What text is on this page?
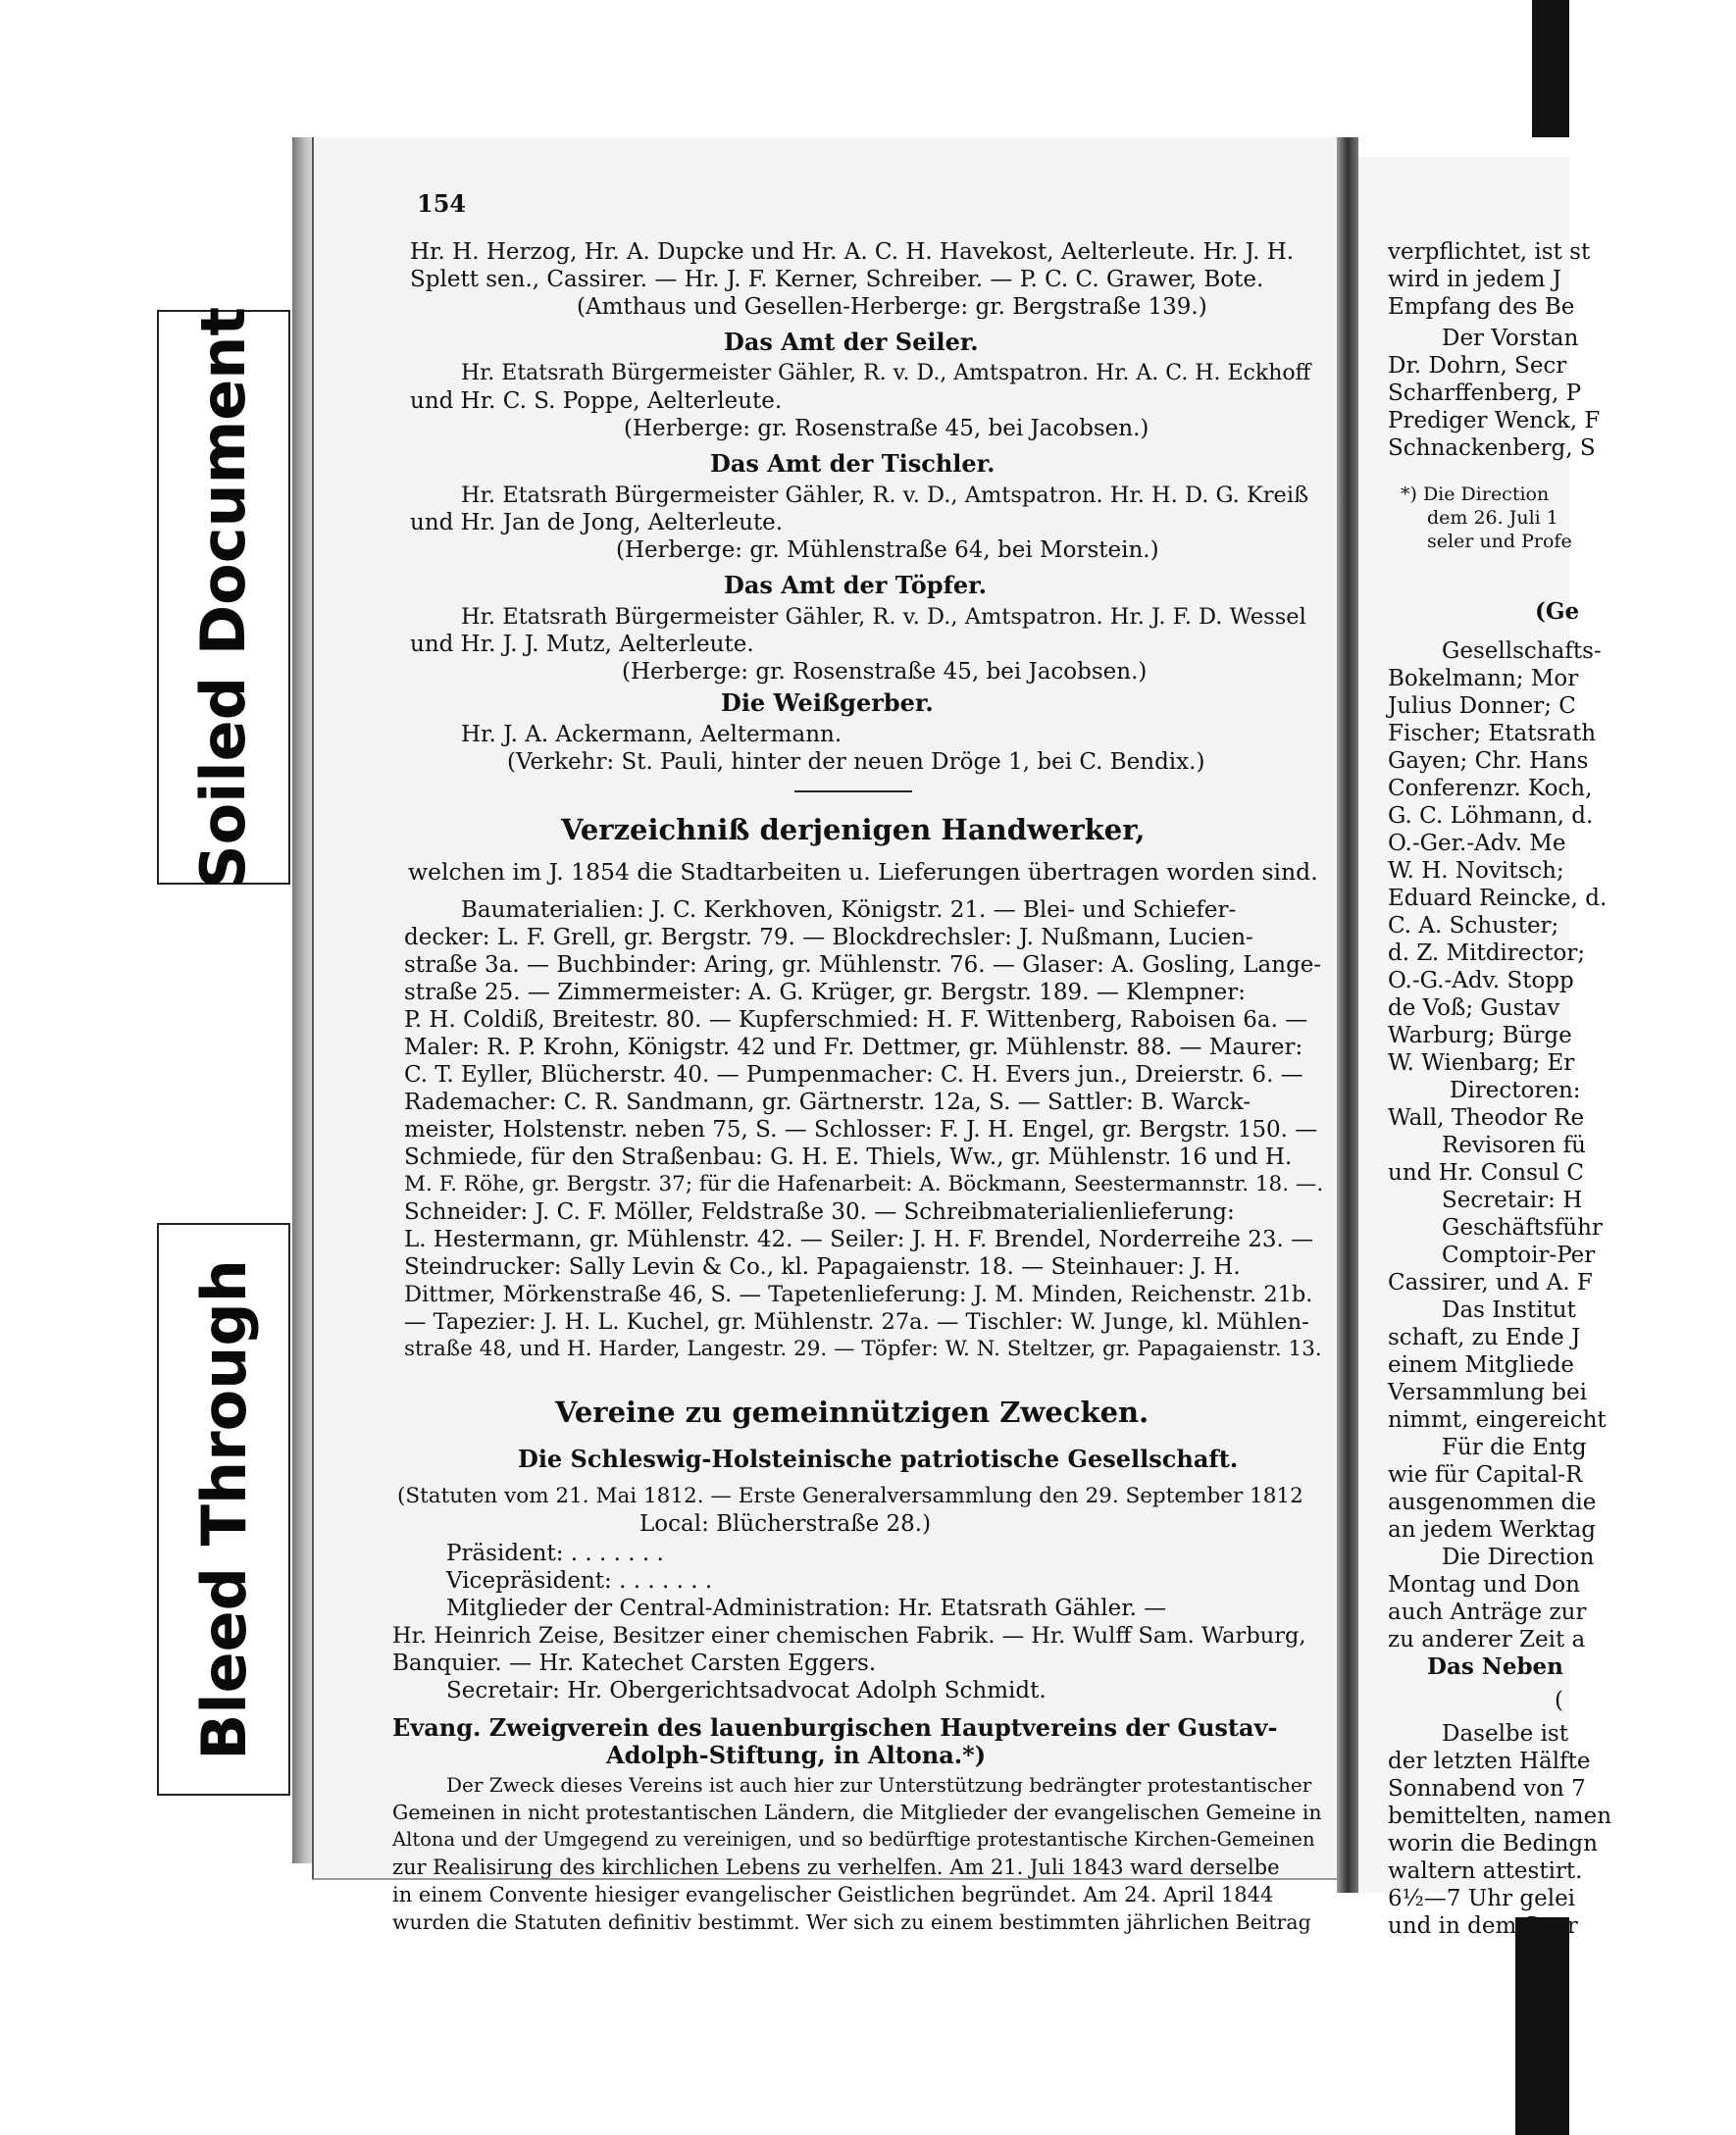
Soiled Document
Bleed Through
154
Hr. H. Herzog, Hr. A. Dupcke und Hr. A. C. H. Havekost, Aelterleute. Hr. J. H.
Splett sen., Cassirer. — Hr. J. F. Kerner, Schreiber. — P. C. C. Grawer, Bote.
(Amthaus und Gesellen-Herberge: gr. Bergstraße 139.)
Das Amt der Seiler.
Hr. Etatsrath Bürgermeister Gähler, R. v. D., Amtspatron. Hr. A. C. H. Eckhoff
und Hr. C. S. Poppe, Aelterleute.
(Herberge: gr. Rosenstraße 45, bei Jacobsen.)
Das Amt der Tischler.
Hr. Etatsrath Bürgermeister Gähler, R. v. D., Amtspatron. Hr. H. D. G. Kreiß
und Hr. Jan de Jong, Aelterleute.
(Herberge: gr. Mühlenstraße 64, bei Morstein.)
Das Amt der Töpfer.
Hr. Etatsrath Bürgermeister Gähler, R. v. D., Amtspatron. Hr. J. F. D. Wessel
und Hr. J. J. Mutz, Aelterleute.
(Herberge: gr. Rosenstraße 45, bei Jacobsen.)
Die Weißgerber.
Hr. J. A. Ackermann, Aeltermann.
(Verkehr: St. Pauli, hinter der neuen Dröge 1, bei C. Bendix.)
Verzeichniß derjenigen Handwerker,
welchen im J. 1854 die Stadtarbeiten u. Lieferungen übertragen worden sind.
Baumaterialien: J. C. Kerkhoven, Königstr. 21. — Blei- und Schiefer-
decker: L. F. Grell, gr. Bergstr. 79. — Blockdrechsler: J. Nußmann, Lucien-
straße 3a. — Buchbinder: Aring, gr. Mühlenstr. 76. — Glaser: A. Gosling, Lange-
straße 25. — Zimmermeister: A. G. Krüger, gr. Bergstr. 189. — Klempner:
P. H. Coldiß, Breitestr. 80. — Kupferschmied: H. F. Wittenberg, Raboisen 6a. —
Maler: R. P. Krohn, Königstr. 42 und Fr. Dettmer, gr. Mühlenstr. 88. — Maurer:
C. T. Eyller, Blücherstr. 40. — Pumpenmacher: C. H. Evers jun., Dreierstr. 6. —
Rademacher: C. R. Sandmann, gr. Gärtnerstr. 12a, S. — Sattler: B. Warck-
meister, Holstenstr. neben 75, S. — Schlosser: F. J. H. Engel, gr. Bergstr. 150. —
Schmiede, für den Straßenbau: G. H. E. Thiels, Ww., gr. Mühlenstr. 16 und H.
M. F. Röhe, gr. Bergstr. 37; für die Hafenarbeit: A. Böckmann, Seestermannstr. 18. —.
Schneider: J. C. F. Möller, Feldstraße 30. — Schreibmaterialienlieferung:
L. Hestermann, gr. Mühlenstr. 42. — Seiler: J. H. F. Brendel, Norderreihe 23. —
Steindrucker: Sally Levin & Co., kl. Papagaienstr. 18. — Steinhauer: J. H.
Dittmer, Mörkenstraße 46, S. — Tapetenlieferung: J. M. Minden, Reichenstr. 21b.
— Tapezier: J. H. L. Kuchel, gr. Mühlenstr. 27a. — Tischler: W. Junge, kl. Mühlen-
straße 48, und H. Harder, Langestr. 29. — Töpfer: W. N. Steltzer, gr. Papagaienstr. 13.
Vereine zu gemeinnützigen Zwecken.
Die Schleswig-Holsteinische patriotische Gesellschaft.
(Statuten vom 21. Mai 1812. — Erste Generalversammlung den 29. September 1812
Local: Blücherstraße 28.)
Präsident: . . . . . . .
Vicepräsident: . . . . . . .
Mitglieder der Central-Administration: Hr. Etatsrath Gähler. —
Hr. Heinrich Zeise, Besitzer einer chemischen Fabrik. — Hr. Wulff Sam. Warburg,
Banquier. — Hr. Katechet Carsten Eggers.
Secretair: Hr. Obergerichtsadvocat Adolph Schmidt.
Evang. Zweigverein des lauenburgischen Hauptvereins der Gustav-
Adolph-Stiftung, in Altona.*)
Der Zweck dieses Vereins ist auch hier zur Unterstützung bedrängter protestantischer
Gemeinen in nicht protestantischen Ländern, die Mitglieder der evangelischen Gemeine in
Altona und der Umgegend zu vereinigen, und so bedürftige protestantische Kirchen-Gemeinen
zur Realisirung des kirchlichen Lebens zu verhelfen. Am 21. Juli 1843 ward derselbe
in einem Convente hiesiger evangelischer Geistlichen begründet. Am 24. April 1844
wurden die Statuten definitiv bestimmt. Wer sich zu einem bestimmten jährlichen Beitrag
verpflichtet, ist st
wird in jedem J
Empfang des Be
Der Vorstan
Dr. Dohrn, Secr
Scharffenberg, P
Prediger Wenck, F
Schnackenberg, S
*) Die Direction
dem 26. Juli 1
seler und Profe
(Ge
Gesellschafts-
Bokelmann; Mor
Julius Donner; C
Fischer; Etatsrath
Gayen; Chr. Hans
Conferenzr. Koch,
G. C. Löhmann, d.
O.-Ger.-Adv. Me
W. H. Novitsch;
Eduard Reincke, d.
C. A. Schuster;
d. Z. Mitdirector;
O.-G.-Adv. Stopp
de Voß; Gustav
Warburg; Bürge
W. Wienbarg; Er
Directoren:
Wall, Theodor Re
Revisoren fü
und Hr. Consul C
Secretair: H
Geschäftsführ
Comptoir-Per
Cassirer, und A. F
Das Institut
schaft, zu Ende J
einem Mitgliede
Versammlung bei
nimmt, eingereicht
Für die Entg
wie für Capital-R
ausgenommen die
an jedem Werktag
Die Direction
Montag und Don
auch Anträge zur
zu anderer Zeit a
Das Neben
(
Daselbe ist
der letzten Hälfte
Sonnabend von 7
bemittelten, namen
worin die Bedingn
waltern attestirt.
6½—7 Uhr gelei
und in dem Spar
